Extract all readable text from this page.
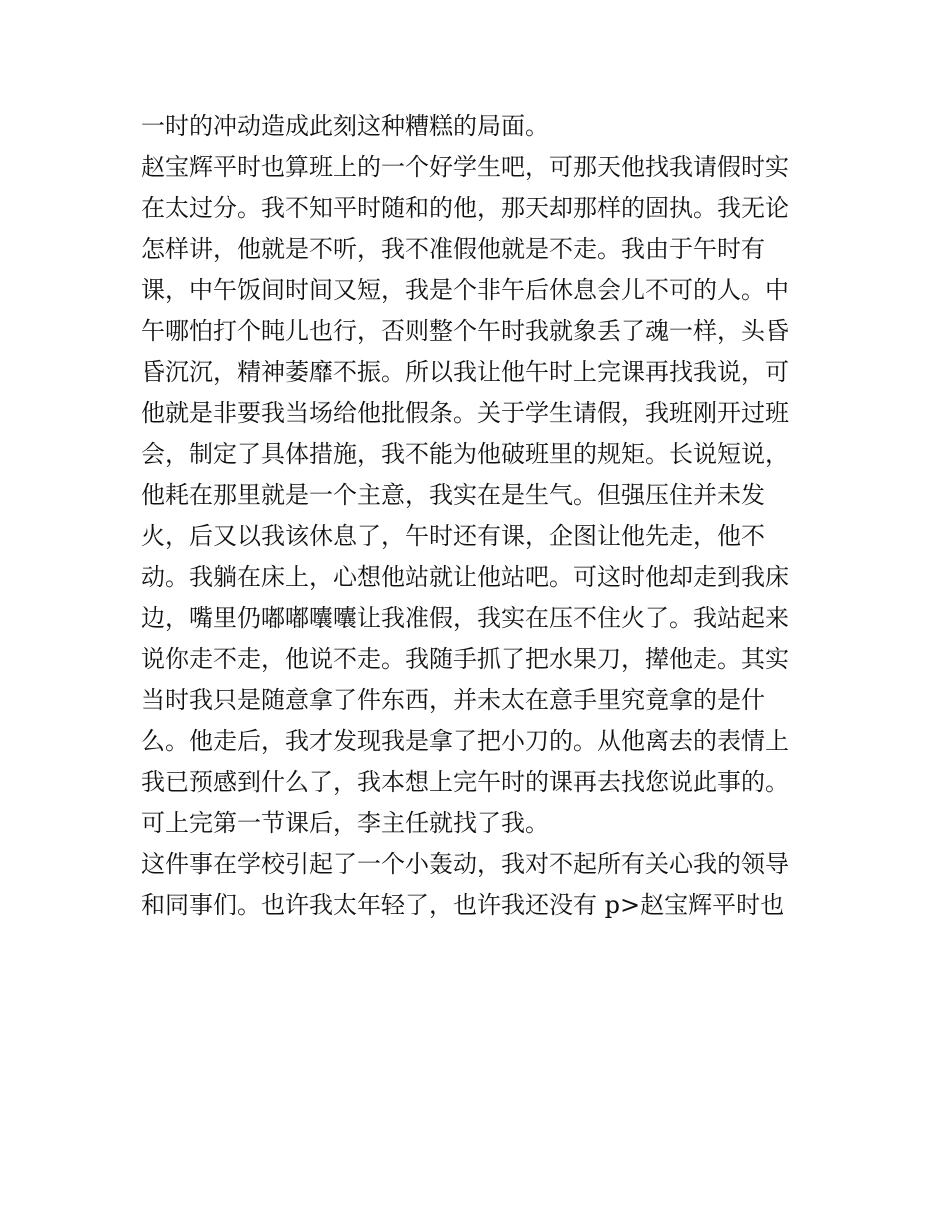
一时的冲动造成此刻这种糟糕的局面。
赵宝辉平时也算班上的一个好学生吧，可那天他找我请假时实
在太过分。我不知平时随和的他，那天却那样的固执。我无论
怎样讲，他就是不听，我不准假他就是不走。我由于午时有
课，中午饭间时间又短，我是个非午后休息会儿不可的人。中
午哪怕打个盹儿也行，否则整个午时我就象丢了魂一样，头昏
昏沉沉，精神萎靡不振。所以我让他午时上完课再找我说，可
他就是非要我当场给他批假条。关于学生请假，我班刚开过班
会，制定了具体措施，我不能为他破班里的规矩。长说短说，
他耗在那里就是一个主意，我实在是生气。但强压住并未发
火，后又以我该休息了，午时还有课，企图让他先走，他不
动。我躺在床上，心想他站就让他站吧。可这时他却走到我床
边，嘴里仍嘟嘟囔囔让我准假，我实在压不住火了。我站起来
说你走不走，他说不走。我随手抓了把水果刀，撵他走。其实
当时我只是随意拿了件东西，并未太在意手里究竟拿的是什
么。他走后，我才发现我是拿了把小刀的。从他离去的表情上
我已预感到什么了，我本想上完午时的课再去找您说此事的。
可上完第一节课后，李主任就找了我。
这件事在学校引起了一个小轰动，我对不起所有关心我的领导
和同事们。也许我太年轻了，也许我还没有 p>赵宝辉平时也
